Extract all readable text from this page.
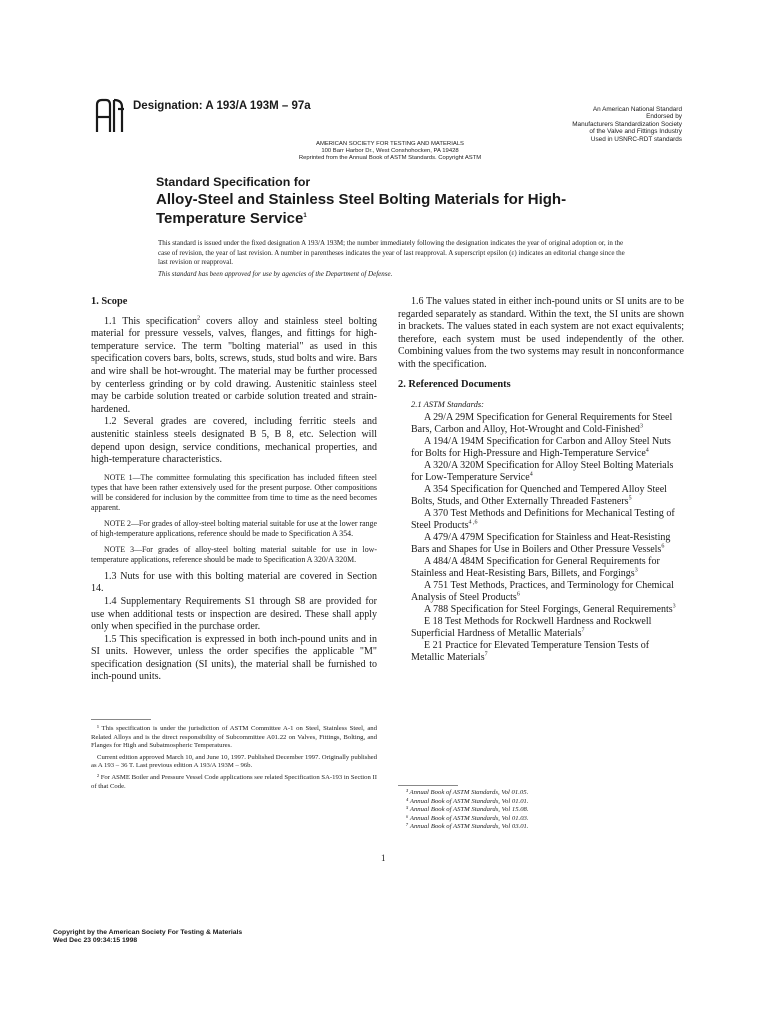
Designation: A 193/A 193M – 97a	An American National Standard
Endorsed by
Manufacturers Standardization Society
of the Valve and Fittings Industry
Used in USNRC-RDT standards
AMERICAN SOCIETY FOR TESTING AND MATERIALS
100 Barr Harbor Dr., West Conshohocken, PA 19428
Reprinted from the Annual Book of ASTM Standards. Copyright ASTM
Standard Specification for
Alloy-Steel and Stainless Steel Bolting Materials for High-
Temperature Service$^1$
This standard is issued under the fixed designation A 193/A 193M; the number immediately following the designation indicates the year of original adoption or, in the case of revision, the year of last revision. A number in parentheses indicates the year of last reapproval. A superscript epsilon (ε) indicates an editorial change since the last revision or reapproval.
This standard has been approved for use by agencies of the Department of Defense.
1. Scope

1.1 This specification$^2$ covers alloy and stainless steel bolting material for pressure vessels, valves, flanges, and fittings for high-temperature service. The term "bolting material" as used in this specification covers bars, bolts, screws, studs, stud bolts and wire. Bars and wire shall be hot-wrought. The material may be further processed by centerless grinding or by cold drawing. Austenitic stainless steel may be carbide solution treated or carbide solution treated and strain-hardened.

1.2 Several grades are covered, including ferritic steels and austenitic stainless steels designated B 5, B 8, etc. Selection will depend upon design, service conditions, mechanical properties, and high-temperature characteristics.

NOTE 1—The committee formulating this specification has included fifteen steel types that have been rather extensively used for the present purpose. Other compositions will be considered for inclusion by the committee from time to time as the need becomes apparent.

NOTE 2—For grades of alloy-steel bolting material suitable for use at the lower range of high-temperature applications, reference should be made to Specification A 354.

NOTE 3—For grades of alloy-steel bolting material suitable for use in low-temperature applications, reference should be made to Specification A 320/A 320M.

1.3 Nuts for use with this bolting material are covered in Section 14.

1.4 Supplementary Requirements S1 through S8 are provided for use when additional tests or inspection are desired. These shall apply only when specified in the purchase order.

1.5 This specification is expressed in both inch-pound units and in SI units. However, unless the order specifies the applicable "M" specification designation (SI units), the material shall be furnished to inch-pound units.

¹ This specification is under the jurisdiction of ASTM Committee A-1 on Steel, Stainless Steel, and Related Alloys and is the direct responsibility of Subcommittee A01.22 on Valves, Fittings, Bolting, and Flanges for High and Subatmospheric Temperatures.

Current edition approved March 10, and June 10, 1997. Published December 1997. Originally published as A 193 – 36 T. Last previous edition A 193/A 193M – 96b.

² For ASME Boiler and Pressure Vessel Code applications see related Specification SA-193 in Section II of that Code.

1.6 The values stated in either inch-pound units or SI units are to be regarded separately as standard. Within the text, the SI units are shown in brackets. The values stated in each system are not exact equivalents; therefore, each system must be used independently of the other. Combining values from the two systems may result in nonconformance with the specification.

2. Referenced Documents

2.1 ASTM Standards:

A 29/A 29M Specification for General Requirements for Steel Bars, Carbon and Alloy, Hot-Wrought and Cold-Finished$^3$

A 194/A 194M Specification for Carbon and Alloy Steel Nuts for Bolts for High-Pressure and High-Temperature Service$^4$

A 320/A 320M Specification for Alloy Steel Bolting Materials for Low-Temperature Service$^4$

A 354 Specification for Quenched and Tempered Alloy Steel Bolts, Studs, and Other Externally Threaded Fasteners$^5$

A 370 Test Methods and Definitions for Mechanical Testing of Steel Products$^{4 ,6}$

A 479/A 479M Specification for Stainless and Heat-Resisting Bars and Shapes for Use in Boilers and Other Pressure Vessels$^6$

A 484/A 484M Specification for General Requirements for Stainless and Heat-Resisting Bars, Billets, and Forgings$^3$

A 751 Test Methods, Practices, and Terminology for Chemical Analysis of Steel Products$^6$

A 788 Specification for Steel Forgings, General Requirements$^3$

E 18 Test Methods for Rockwell Hardness and Rockwell Superficial Hardness of Metallic Materials$^7$

E 21 Practice for Elevated Temperature Tension Tests of Metallic Materials$^7$

³ Annual Book of ASTM Standards, Vol 01.05.

⁴ Annual Book of ASTM Standards, Vol 01.01.

⁵ Annual Book of ASTM Standards, Vol 15.08.

⁶ Annual Book of ASTM Standards, Vol 01.03.

⁷ Annual Book of ASTM Standards, Vol 03.01.

1
Copyright by the American Society For Testing & Materials
Wed Dec 23 09:34:15 1998
